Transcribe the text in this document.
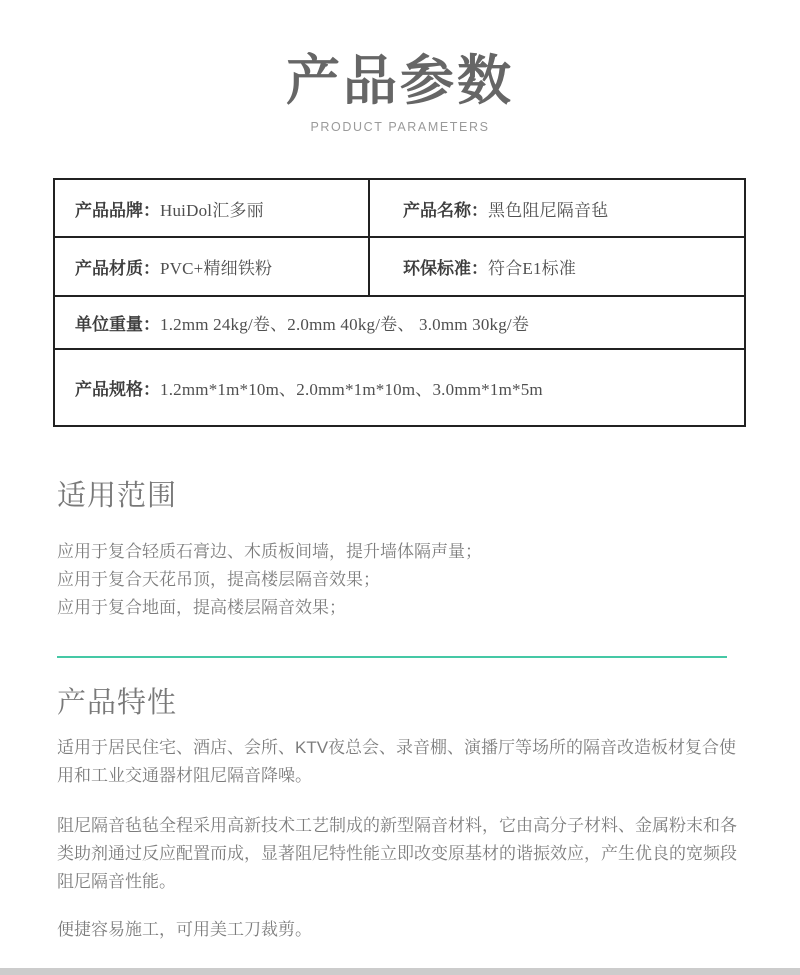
产品参数
PRODUCT PARAMETERS
产品品牌： HuiDol汇多丽	产品名称： 黑色阻尼隔音毡
产品材质： PVC+精细铁粉	环保标准： 符合E1标准
单位重量： 1.2mm 24kg/卷、2.0mm 40kg/卷、 3.0mm 30kg/卷
产品规格： 1.2mm*1m*10m、2.0mm*1m*10m、3.0mm*1m*5m
适用范围
应用于复合轻质石膏边、木质板间墙，提升墙体隔声量；
应用于复合天花吊顶，提高楼层隔音效果；
应用于复合地面，提高楼层隔音效果；
产品特性
适用于居民住宅、酒店、会所、KTV夜总会、录音棚、演播厅等场所的隔音改造板材复合使用和工业交通器材阻尼隔音降噪。
阻尼隔音毡毡全程采用高新技术工艺制成的新型隔音材料，它由高分子材料、金属粉末和各类助剂通过反应配置而成，显著阻尼特性能立即改变原基材的谐振效应，产生优良的宽频段阻尼隔音性能。
便捷容易施工，可用美工刀裁剪。
